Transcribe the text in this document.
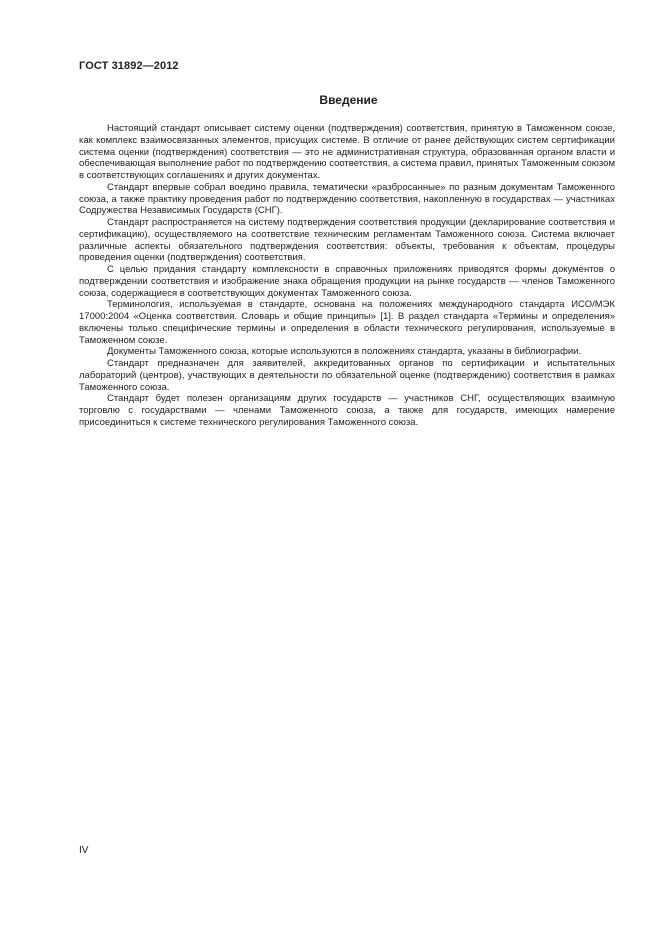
ГОСТ 31892—2012
Введение

Настоящий стандарт описывает систему оценки (подтверждения) соответствия, принятую в Таможенном союзе, как комплекс взаимосвязанных элементов, присущих системе. В отличие от ранее действующих систем сертификации система оценки (подтверждения) соответствия — это не административная структура, образованная органом власти и обеспечивающая выполнение работ по подтверждению соответствия, а система правил, принятых Таможенным союзом в соответствующих соглашениях и других документах.

Стандарт впервые собрал воедино правила, тематически «разбросанные» по разным документам Таможенного союза, а также практику проведения работ по подтверждению соответствия, накопленную в государствах — участниках Содружества Независимых Государств (СНГ).

Стандарт распространяется на систему подтверждения соответствия продукции (декларирование соответствия и сертификацию), осуществляемого на соответствие техническим регламентам Таможенного союза. Система включает различные аспекты обязательного подтверждения соответствия: объекты, требования к объектам, процедуры проведения оценки (подтверждения) соответствия.

С целью придания стандарту комплексности в справочных приложениях приводятся формы документов о подтверждении соответствия и изображение знака обращения продукции на рынке государств — членов Таможенного союза, содержащиеся в соответствующих документах Таможенного союза.

Терминология, используемая в стандарте, основана на положениях международного стандарта ИСО/МЭК 17000:2004 «Оценка соответствия. Словарь и общие принципы» [1]. В раздел стандарта «Термины и определения» включены только специфические термины и определения в области технического регулирования, используемые в Таможенном союзе.

Документы Таможенного союза, которые используются в положениях стандарта, указаны в библиографии.

Стандарт предназначен для заявителей, аккредитованных органов по сертификации и испытательных лабораторий (центров), участвующих в деятельности по обязательной оценке (подтверждению) соответствия в рамках Таможенного союза.

Стандарт будет полезен организациям других государств — участников СНГ, осуществляющих взаимную торговлю с государствами — членами Таможенного союза, а также для государств, имеющих намерение присоединиться к системе технического регулирования Таможенного союза.

IV
